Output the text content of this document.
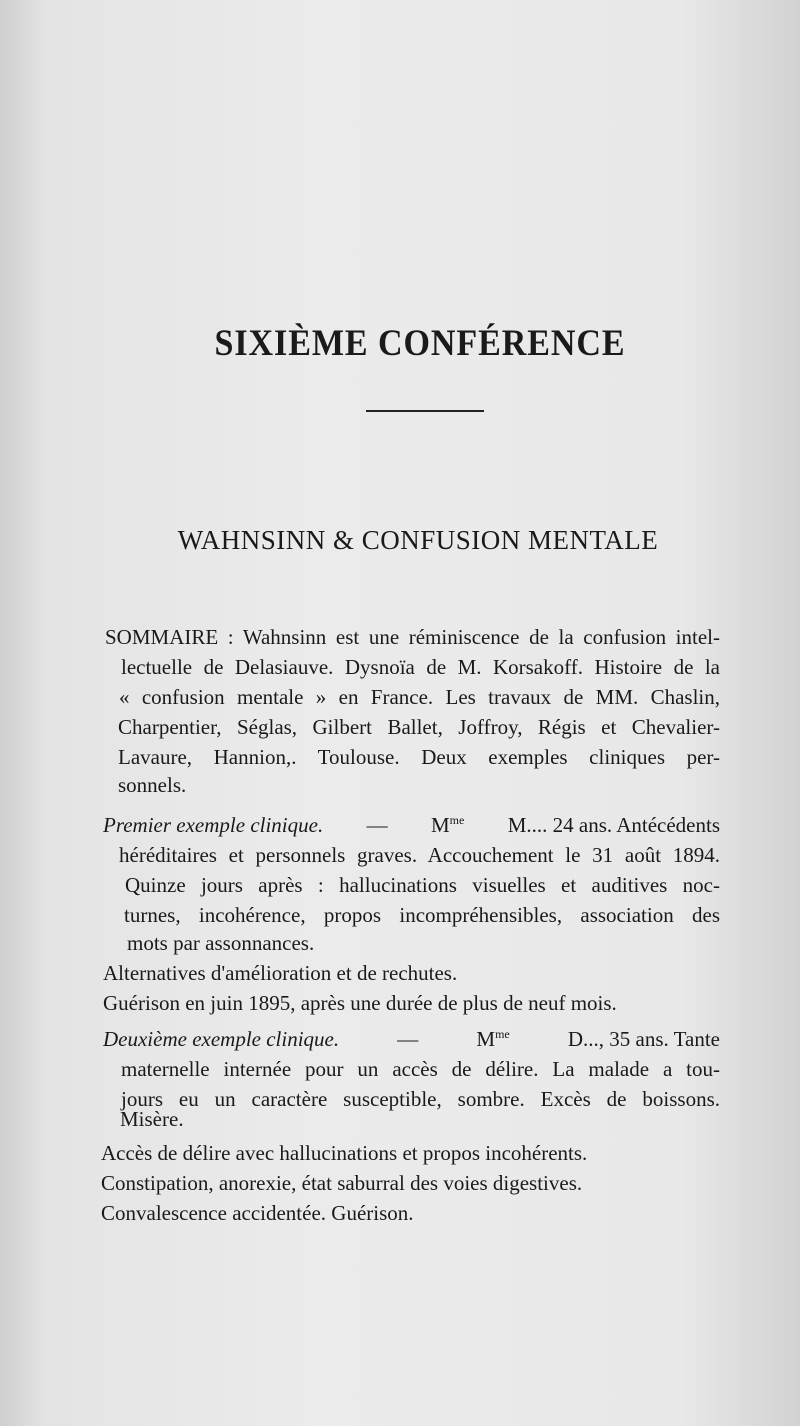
SIXIÈME CONFÉRENCE
WAHNSINN & CONFUSION MENTALE
SOMMAIRE : Wahnsinn est une réminiscence de la confusion intel-
lectuelle de Delasiauve. Dysnoïa de M. Korsakoff. Histoire de la
« confusion mentale » en France. Les travaux de MM. Chaslin,
Charpentier, Séglas, Gilbert Ballet, Joffroy, Régis et Chevalier-
Lavaure, Hannion,. Toulouse. Deux exemples cliniques per-
sonnels.
Premier exemple clinique. — $M^{me}$ M.... 24 ans. Antécédents
héréditaires et personnels graves. Accouchement le 31 août 1894.
Quinze jours après : hallucinations visuelles et auditives noc-
turnes, incohérence, propos incompréhensibles, association des
mots par assonnances.
Alternatives d'amélioration et de rechutes.
Guérison en juin 1895, après une durée de plus de neuf mois.
Deuxième exemple clinique.	—	$M^{me}$	D..., 35 ans. Tante
maternelle internée pour un accès de délire. La malade a tou-
jours eu un caractère susceptible, sombre. Excès de boissons.
Misère.
Accès de délire avec hallucinations et propos incohérents.
Constipation, anorexie, état saburral des voies digestives.
Convalescence accidentée. Guérison.
